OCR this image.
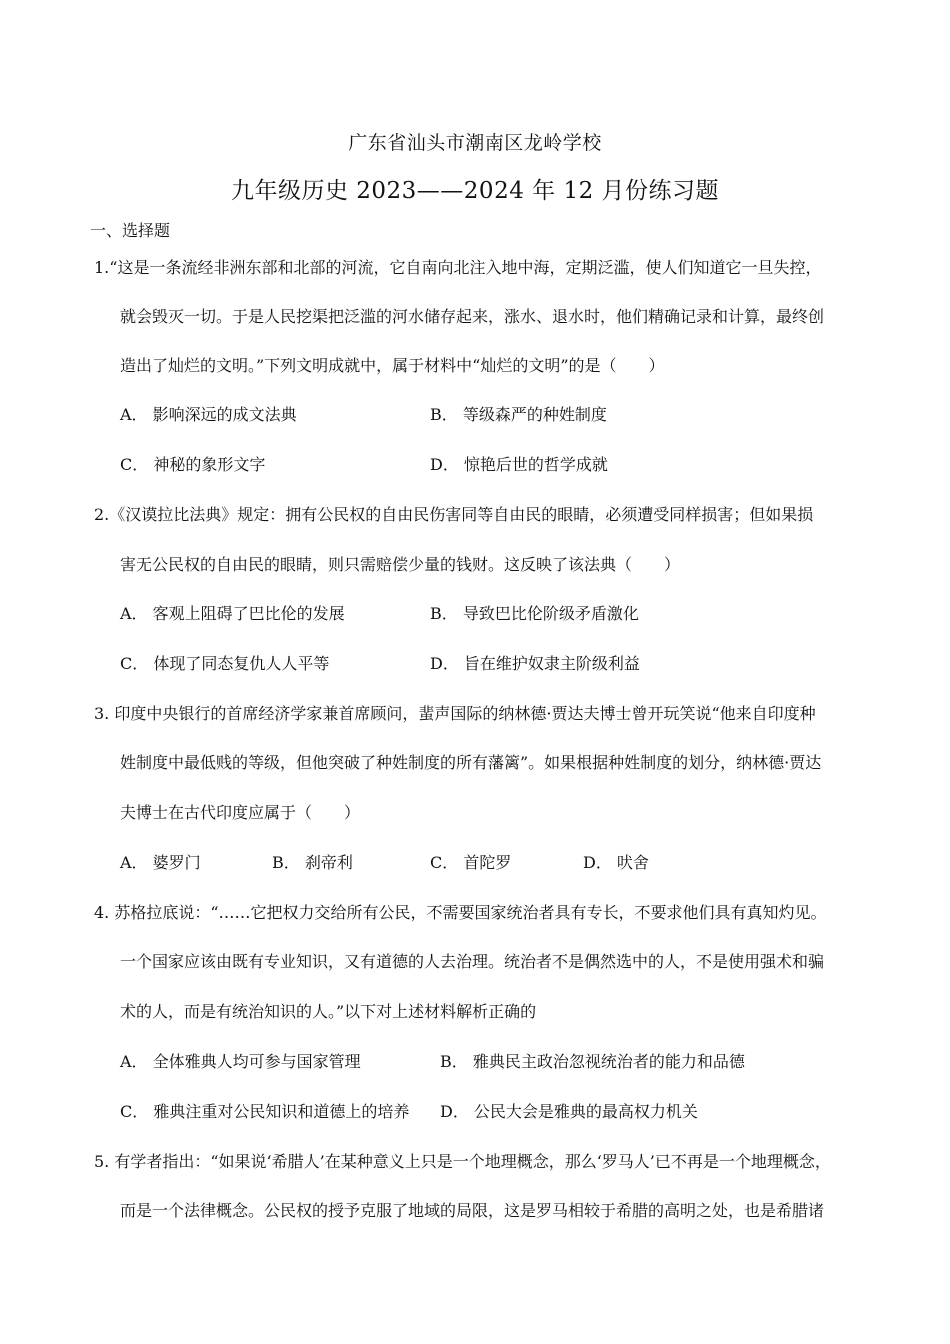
广东省汕头市潮南区龙岭学校
九年级历史 2023——2024 年 12 月份练习题
一、选择题
1.“这是一条流经非洲东部和北部的河流，它自南向北注入地中海，定期泛滥，使人们知道它一旦失控，
就会毁灭一切。于是人民挖渠把泛滥的河水储存起来，涨水、退水时，他们精确记录和计算，最终创
造出了灿烂的文明。”下列文明成就中，属于材料中“灿烂的文明”的是（　　）
A． 影响深远的成文法典	B． 等级森严的种姓制度
C． 神秘的象形文字	D． 惊艳后世的哲学成就
2.《汉谟拉比法典》规定：拥有公民权的自由民伤害同等自由民的眼睛，必须遭受同样损害；但如果损
害无公民权的自由民的眼睛，则只需赔偿少量的钱财。这反映了该法典（　　）
A． 客观上阻碍了巴比伦的发展	B． 导致巴比伦阶级矛盾激化
C． 体现了同态复仇人人平等	D． 旨在维护奴隶主阶级利益
3. 印度中央银行的首席经济学家兼首席顾问，蜚声国际的纳林德·贾达夫博士曾开玩笑说“他来自印度种
姓制度中最低贱的等级，但他突破了种姓制度的所有藩篱”。如果根据种姓制度的划分，纳林德·贾达
夫博士在古代印度应属于（　　）
A． 婆罗门	B． 刹帝利	C． 首陀罗	D． 吠舍
4. 苏格拉底说：“……它把权力交给所有公民，不需要国家统治者具有专长，不要求他们具有真知灼见。
一个国家应该由既有专业知识，又有道德的人去治理。统治者不是偶然选中的人，不是使用强术和骗
术的人，而是有统治知识的人。”以下对上述材料解析正确的
A． 全体雅典人均可参与国家管理	B． 雅典民主政治忽视统治者的能力和品德
C． 雅典注重对公民知识和道德上的培养 D． 公民大会是雅典的最高权力机关
5. 有学者指出：“如果说‘希腊人’在某种意义上只是一个地理概念，那么‘罗马人’已不再是一个地理概念，
而是一个法律概念。公民权的授予克服了地域的局限，这是罗马相较于希腊的高明之处，也是希腊诸
